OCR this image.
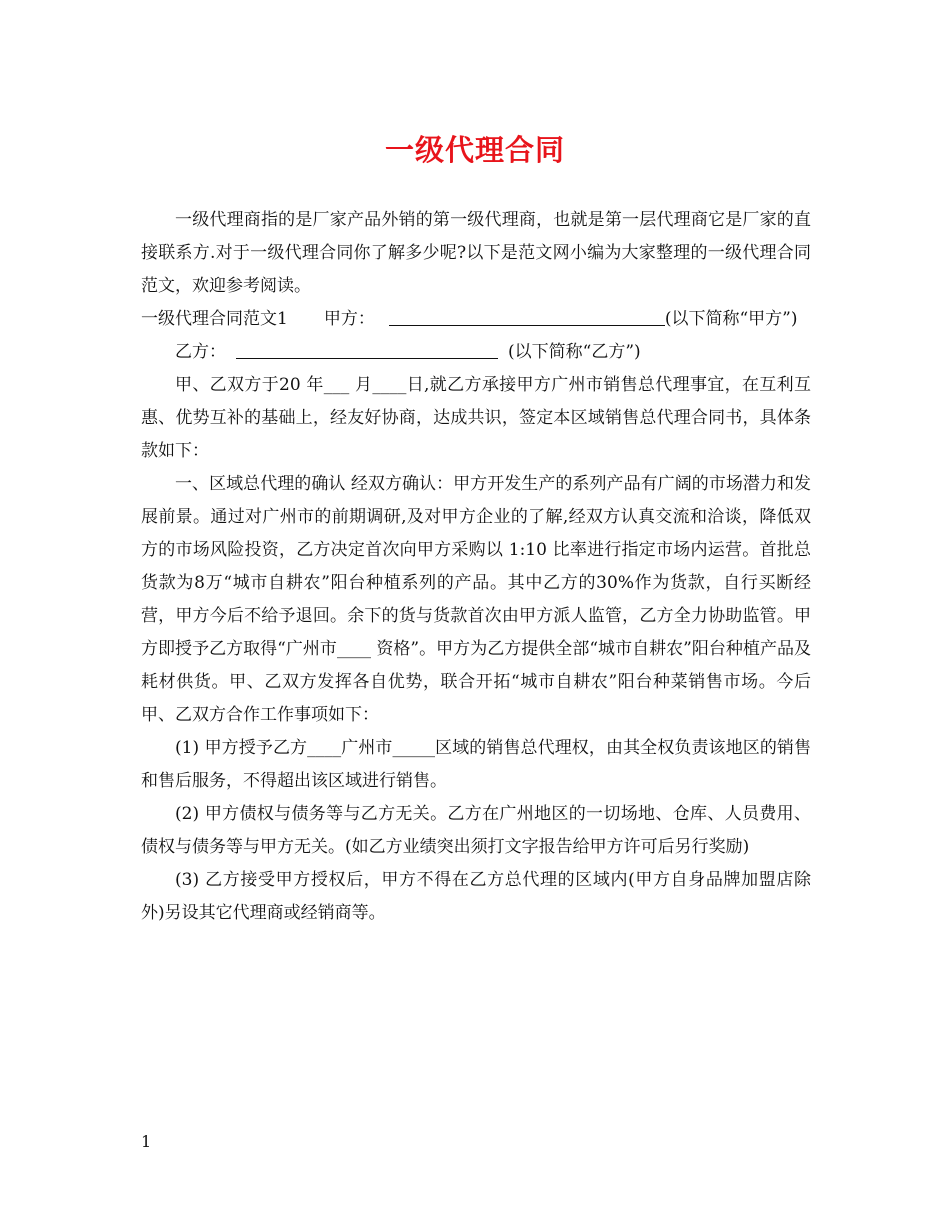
一级代理合同

一级代理商指的是厂家产品外销的第一级代理商，也就是第一层代理商它是厂家的直接联系方.对于一级代理合同你了解多少呢?以下是范文网小编为大家整理的一级代理合同范文，欢迎参考阅读。

一级代理合同范文1 甲方：	(以下简称“甲方”)

乙方：	(以下简称“乙方”)

甲、乙双方于20 年___ 月____日,就乙方承接甲方广州市销售总代理事宜，在互利互惠、优势互补的基础上，经友好协商，达成共识，签定本区域销售总代理合同书，具体条款如下：

一、区域总代理的确认 经双方确认：甲方开发生产的系列产品有广阔的市场潜力和发展前景。通过对广州市的前期调研,及对甲方企业的了解,经双方认真交流和洽谈，降低双方的市场风险投资，乙方决定首次向甲方采购以 1:10 比率进行指定市场内运营。首批总货款为8万“城市自耕农”阳台种植系列的产品。其中乙方的30%作为货款，自行买断经营，甲方今后不给予退回。余下的货与货款首次由甲方派人监管，乙方全力协助监管。甲方即授予乙方取得“广州市____ 资格”。甲方为乙方提供全部“城市自耕农”阳台种植产品及耗材供货。甲、乙双方发挥各自优势，联合开拓“城市自耕农”阳台种菜销售市场。今后甲、乙双方合作工作事项如下：

(1) 甲方授予乙方____广州市_____区域的销售总代理权，由其全权负责该地区的销售和售后服务，不得超出该区域进行销售。

(2) 甲方债权与债务等与乙方无关。乙方在广州地区的一切场地、仓库、人员费用、债权与债务等与甲方无关。(如乙方业绩突出须打文字报告给甲方许可后另行奖励)

(3) 乙方接受甲方授权后，甲方不得在乙方总代理的区域内(甲方自身品牌加盟店除外)另设其它代理商或经销商等。

1
